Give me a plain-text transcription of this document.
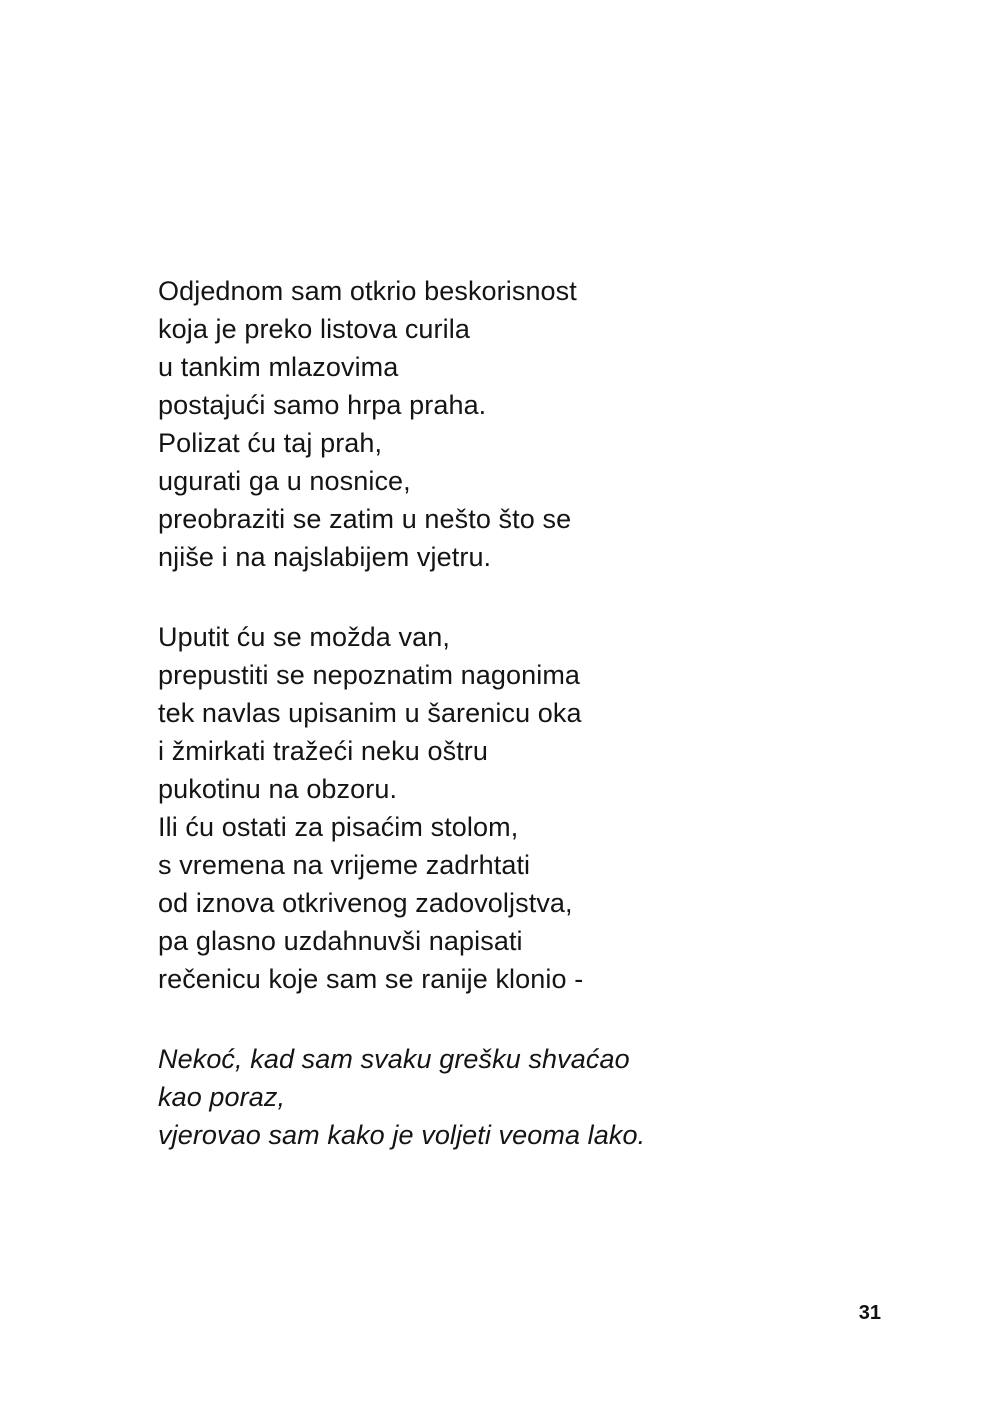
Odjednom sam otkrio beskorisnost
koja je preko listova curila
u tankim mlazovima
postajući samo hrpa praha.
Polizat ću taj prah,
ugurati ga u nosnice,
preobraziti se zatim u nešto što se
njiše i na najslabijem vjetru.
Uputit ću se možda van,
prepustiti se nepoznatim nagonima
tek navlas upisanim u šarenicu oka
i žmirkati tražeći neku oštru
pukotinu na obzoru.
Ili ću ostati za pisaćim stolom,
s vremena na vrijeme zadrhtati
od iznova otkrivenog zadovoljstva,
pa glasno uzdahnuvši napisati
rečenicu koje sam se ranije klonio -
Nekoć, kad sam svaku grešku shvaćao
kao poraz,
vjerovao sam kako je voljeti veoma lako.
31
